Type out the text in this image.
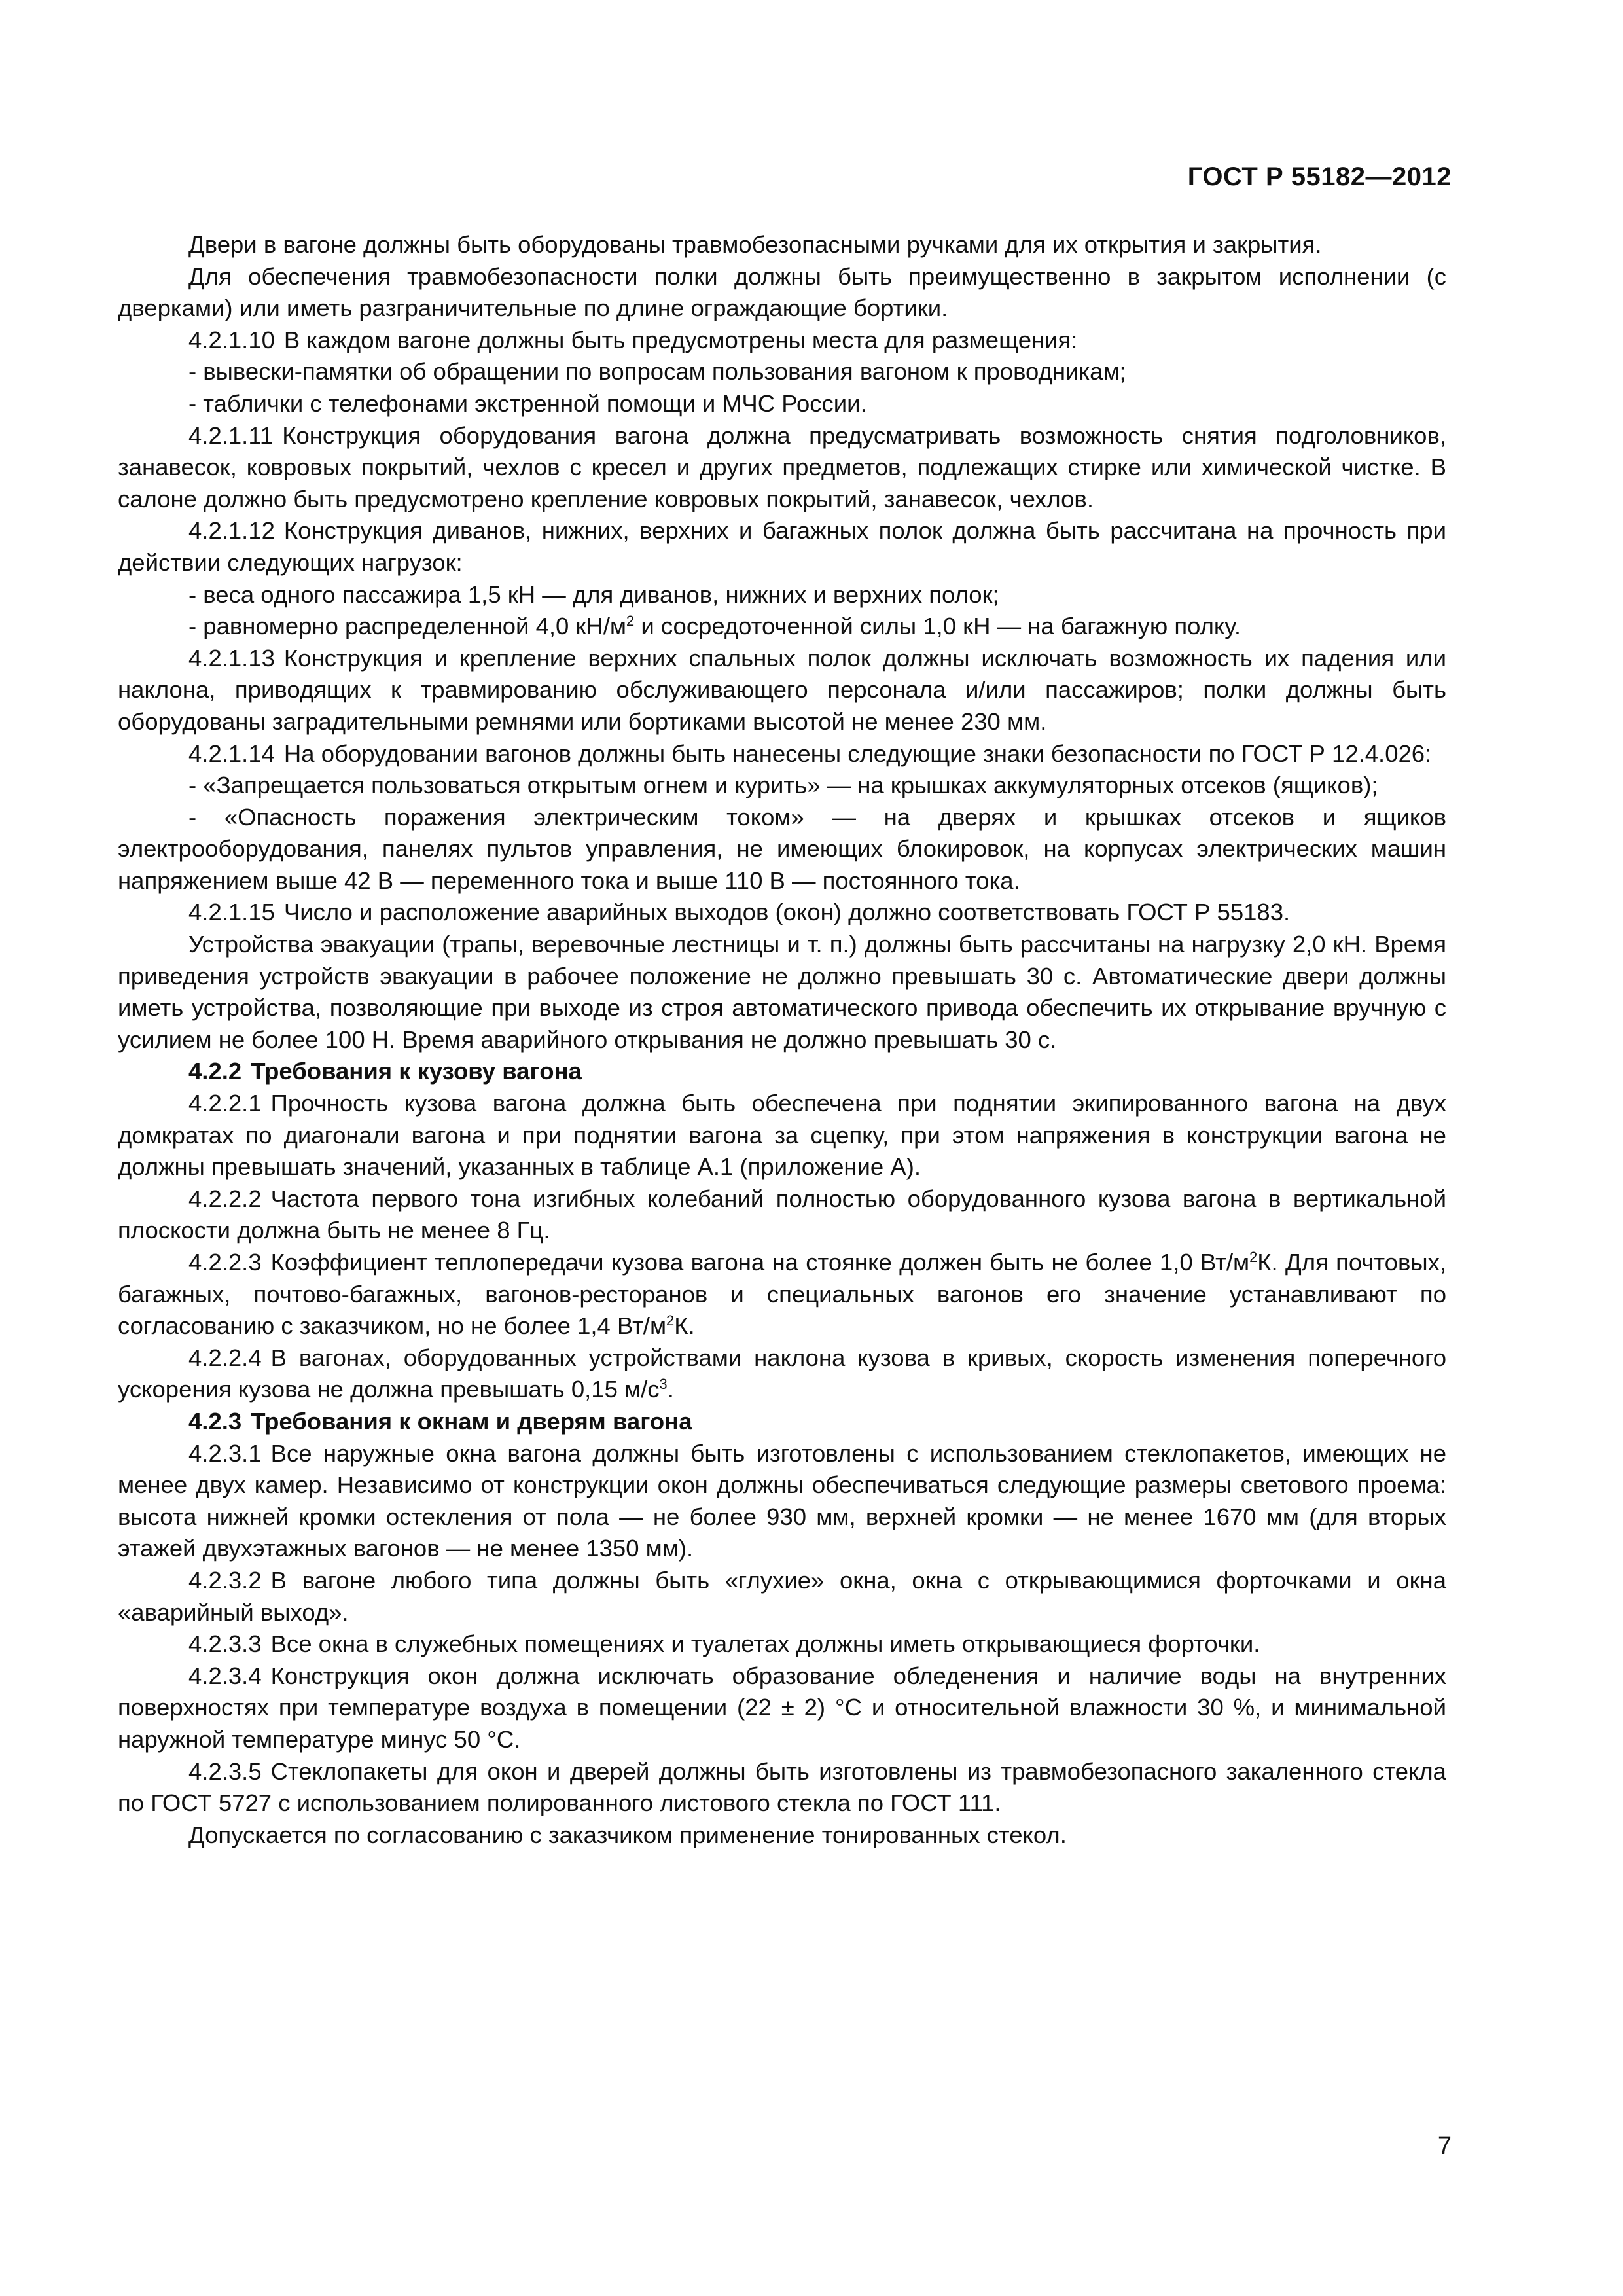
ГОСТ Р 55182—2012

Двери в вагоне должны быть оборудованы травмобезопасными ручками для их открытия и закрытия.

Для обеспечения травмобезопасности полки должны быть преимущественно в закрытом исполнении (с дверками) или иметь разграничительные по длине ограждающие бортики.

4.2.1.10 В каждом вагоне должны быть предусмотрены места для размещения:

- вывески-памятки об обращении по вопросам пользования вагоном к проводникам;

- таблички с телефонами экстренной помощи и МЧС России.

4.2.1.11 Конструкция оборудования вагона должна предусматривать возможность снятия подголовников, занавесок, ковровых покрытий, чехлов с кресел и других предметов, подлежащих стирке или химической чистке. В салоне должно быть предусмотрено крепление ковровых покрытий, занавесок, чехлов.

4.2.1.12 Конструкция диванов, нижних, верхних и багажных полок должна быть рассчитана на прочность при действии следующих нагрузок:

- веса одного пассажира 1,5 кН — для диванов, нижних и верхних полок;

- равномерно распределенной 4,0 $кН/м^2$ и сосредоточенной силы 1,0 кН — на багажную полку.

4.2.1.13 Конструкция и крепление верхних спальных полок должны исключать возможность их падения или наклона, приводящих к травмированию обслуживающего персонала и/или пассажиров; полки должны быть оборудованы заградительными ремнями или бортиками высотой не менее 230 мм.

4.2.1.14 На оборудовании вагонов должны быть нанесены следующие знаки безопасности по ГОСТ Р 12.4.026:

- «Запрещается пользоваться открытым огнем и курить» — на крышках аккумуляторных отсеков (ящиков);

- «Опасность поражения электрическим током» — на дверях и крышках отсеков и ящиков электрооборудования, панелях пультов управления, не имеющих блокировок, на корпусах электрических машин напряжением выше 42 В — переменного тока и выше 110 В — постоянного тока.

4.2.1.15 Число и расположение аварийных выходов (окон) должно соответствовать ГОСТ Р 55183.

Устройства эвакуации (трапы, веревочные лестницы и т. п.) должны быть рассчитаны на нагрузку 2,0 кН. Время приведения устройств эвакуации в рабочее положение не должно превышать 30 с. Автоматические двери должны иметь устройства, позволяющие при выходе из строя автоматического привода обеспечить их открывание вручную с усилием не более 100 Н. Время аварийного открывания не должно превышать 30 с.

4.2.2 Требования к кузову вагона

4.2.2.1 Прочность кузова вагона должна быть обеспечена при поднятии экипированного вагона на двух домкратах по диагонали вагона и при поднятии вагона за сцепку, при этом напряжения в конструкции вагона не должны превышать значений, указанных в таблице А.1 (приложение А).

4.2.2.2 Частота первого тона изгибных колебаний полностью оборудованного кузова вагона в вертикальной плоскости должна быть не менее 8 Гц.

4.2.2.3 Коэффициент теплопередачи кузова вагона на стоянке должен быть не более 1,0 $Вт/м^2К$. Для почтовых, багажных, почтово-багажных, вагонов-ресторанов и специальных вагонов его значение устанавливают по согласованию с заказчиком, но не более 1,4 $Вт/м^2К$.

4.2.2.4 В вагонах, оборудованных устройствами наклона кузова в кривых, скорость изменения поперечного ускорения кузова не должна превышать 0,15 $м/с^3$.

4.2.3 Требования к окнам и дверям вагона

4.2.3.1 Все наружные окна вагона должны быть изготовлены с использованием стеклопакетов, имеющих не менее двух камер. Независимо от конструкции окон должны обеспечиваться следующие размеры светового проема: высота нижней кромки остекления от пола — не более 930 мм, верхней кромки — не менее 1670 мм (для вторых этажей двухэтажных вагонов — не менее 1350 мм).

4.2.3.2 В вагоне любого типа должны быть «глухие» окна, окна с открывающимися форточками и окна «аварийный выход».

4.2.3.3 Все окна в служебных помещениях и туалетах должны иметь открывающиеся форточки.

4.2.3.4 Конструкция окон должна исключать образование обледенения и наличие воды на внутренних поверхностях при температуре воздуха в помещении (22 ± 2) °С и относительной влажности 30 %, и минимальной наружной температуре минус 50 °С.

4.2.3.5 Стеклопакеты для окон и дверей должны быть изготовлены из травмобезопасного закаленного стекла по ГОСТ 5727 с использованием полированного листового стекла по ГОСТ 111.

Допускается по согласованию с заказчиком применение тонированных стекол.

7
